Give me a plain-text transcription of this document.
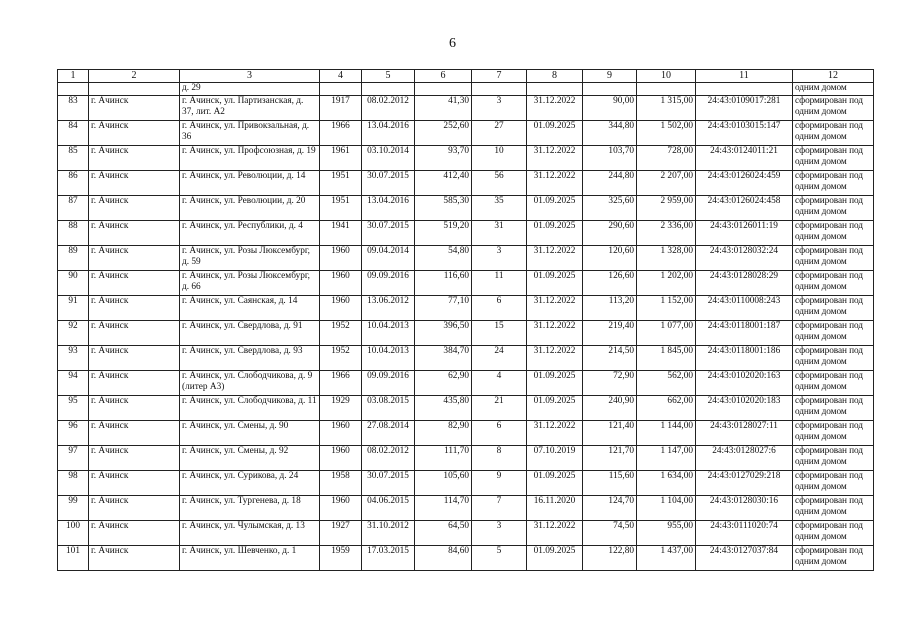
6
1	2	3	4	5	6	7	8	9	10	11	12
		д. 29									одним домом
83	г. Ачинск	г. Ачинск, ул. Партизанская, д. 37, лит. А2	1917	08.02.2012	41,30	3	31.12.2022	90,00	1 315,00	24:43:0109017:281	сформирован под одним домом
84	г. Ачинск	г. Ачинск, ул. Привокзальная, д. 36	1966	13.04.2016	252,60	27	01.09.2025	344,80	1 502,00	24:43:0103015:147	сформирован под одним домом
85	г. Ачинск	г. Ачинск, ул. Профсоюзная, д. 19	1961	03.10.2014	93,70	10	31.12.2022	103,70	728,00	24:43:0124011:21	сформирован под одним домом
86	г. Ачинск	г. Ачинск, ул. Революции, д. 14	1951	30.07.2015	412,40	56	31.12.2022	244,80	2 207,00	24:43:0126024:459	сформирован под одним домом
87	г. Ачинск	г. Ачинск, ул. Революции, д. 20	1951	13.04.2016	585,30	35	01.09.2025	325,60	2 959,00	24:43:0126024:458	сформирован под одним домом
88	г. Ачинск	г. Ачинск, ул. Республики, д. 4	1941	30.07.2015	519,20	31	01.09.2025	290,60	2 336,00	24:43:0126011:19	сформирован под одним домом
89	г. Ачинск	г. Ачинск, ул. Розы Люксембург, д. 59	1960	09.04.2014	54,80	3	31.12.2022	120,60	1 328,00	24:43:0128032:24	сформирован под одним домом
90	г. Ачинск	г. Ачинск, ул. Розы Люксембург, д. 66	1960	09.09.2016	116,60	11	01.09.2025	126,60	1 202,00	24:43:0128028:29	сформирован под одним домом
91	г. Ачинск	г. Ачинск, ул. Саянская, д. 14	1960	13.06.2012	77,10	6	31.12.2022	113,20	1 152,00	24:43:0110008:243	сформирован под одним домом
92	г. Ачинск	г. Ачинск, ул. Свердлова, д. 91	1952	10.04.2013	396,50	15	31.12.2022	219,40	1 077,00	24:43:0118001:187	сформирован под одним домом
93	г. Ачинск	г. Ачинск, ул. Свердлова, д. 93	1952	10.04.2013	384,70	24	31.12.2022	214,50	1 845,00	24:43:0118001:186	сформирован под одним домом
94	г. Ачинск	г. Ачинск, ул. Слободчикова, д. 9 (литер А3)	1966	09.09.2016	62,90	4	01.09.2025	72,90	562,00	24:43:0102020:163	сформирован под одним домом
95	г. Ачинск	г. Ачинск, ул. Слободчикова, д. 11	1929	03.08.2015	435,80	21	01.09.2025	240,90	662,00	24:43:0102020:183	сформирован под одним домом
96	г. Ачинск	г. Ачинск, ул. Смены, д. 90	1960	27.08.2014	82,90	6	31.12.2022	121,40	1 144,00	24:43:0128027:11	сформирован под одним домом
97	г. Ачинск	г. Ачинск, ул. Смены, д. 92	1960	08.02.2012	111,70	8	07.10.2019	121,70	1 147,00	24:43:0128027:6	сформирован под одним домом
98	г. Ачинск	г. Ачинск, ул. Сурикова, д. 24	1958	30.07.2015	105,60	9	01.09.2025	115,60	1 634,00	24:43:0127029:218	сформирован под одним домом
99	г. Ачинск	г. Ачинск, ул. Тургенева, д. 18	1960	04.06.2015	114,70	7	16.11.2020	124,70	1 104,00	24:43:0128030:16	сформирован под одним домом
100	г. Ачинск	г. Ачинск, ул. Чулымская, д. 13	1927	31.10.2012	64,50	3	31.12.2022	74,50	955,00	24:43:0111020:74	сформирован под одним домом
101	г. Ачинск	г. Ачинск, ул. Шевченко, д. 1	1959	17.03.2015	84,60	5	01.09.2025	122,80	1 437,00	24:43:0127037:84	сформирован под одним домом
